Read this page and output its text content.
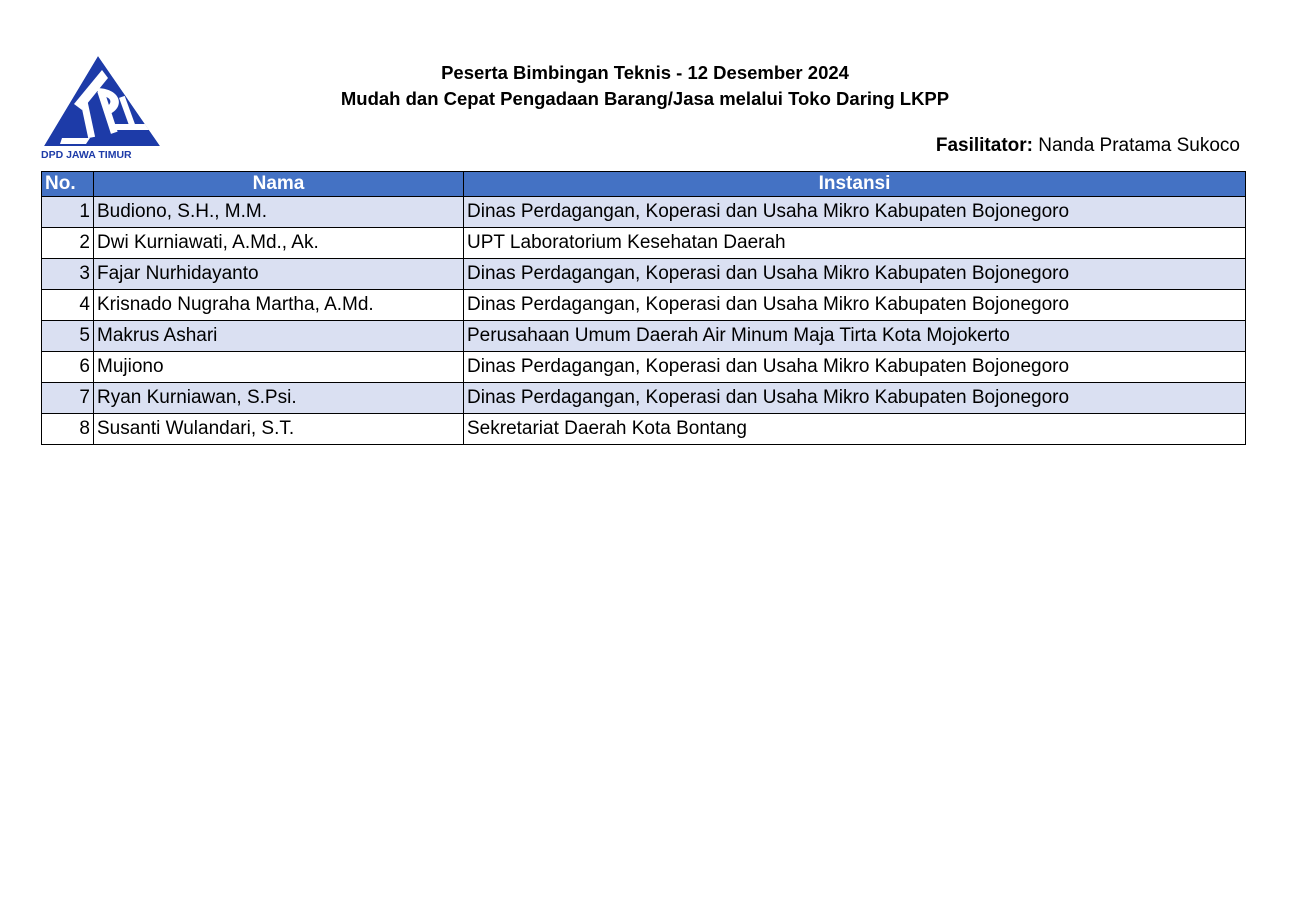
DPD JAWA TIMUR
Peserta Bimbingan Teknis - 12 Desember 2024
Mudah dan Cepat Pengadaan Barang/Jasa melalui Toko Daring LKPP
Fasilitator: Nanda Pratama Sukoco
No.	Nama	Instansi
1	Budiono, S.H., M.M.	Dinas Perdagangan, Koperasi dan Usaha Mikro Kabupaten Bojonegoro
2	Dwi Kurniawati, A.Md., Ak.	UPT Laboratorium Kesehatan Daerah
3	Fajar Nurhidayanto	Dinas Perdagangan, Koperasi dan Usaha Mikro Kabupaten Bojonegoro
4	Krisnado Nugraha Martha, A.Md.	Dinas Perdagangan, Koperasi dan Usaha Mikro Kabupaten Bojonegoro
5	Makrus Ashari	Perusahaan Umum Daerah Air Minum Maja Tirta Kota Mojokerto
6	Mujiono	Dinas Perdagangan, Koperasi dan Usaha Mikro Kabupaten Bojonegoro
7	Ryan Kurniawan, S.Psi.	Dinas Perdagangan, Koperasi dan Usaha Mikro Kabupaten Bojonegoro
8	Susanti Wulandari, S.T.	Sekretariat Daerah Kota Bontang
